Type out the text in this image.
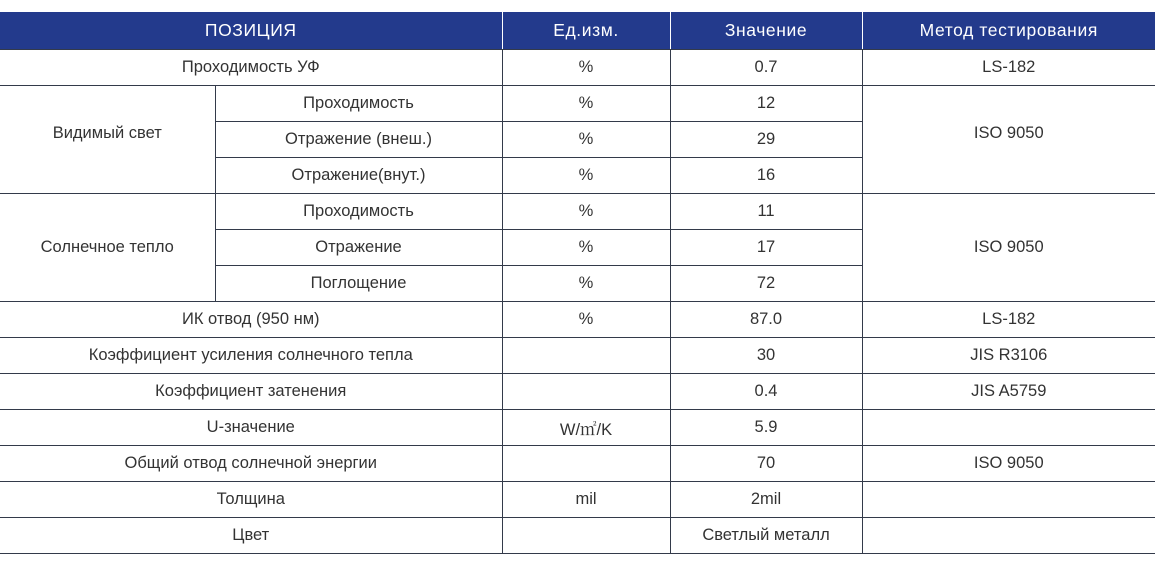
ПОЗИЦИЯ		Ед.изм.	Значение	Метод тестирования
Проходимость УФ		%	0.7	LS-182
Видимый свет	Проходимость	%	12	ISO 9050
	Отражение (внеш.)	%	29	
	Отражение(внут.)	%	16	
Солнечное тепло	Проходимость	%	11	ISO 9050
	Отражение	%	17	
	Поглощение	%	72	
ИК отвод (950 нм)		%	87.0	LS-182
Коэффициент усиления солнечного тепла			30	JIS R3106
Коэффициент затенения			0.4	JIS A5759
U-значение		W/㎡/K	5.9	
Общий отвод солнечной энергии			70	ISO 9050
Толщина		mil	2mil	
Цвет			Светлый металл	
